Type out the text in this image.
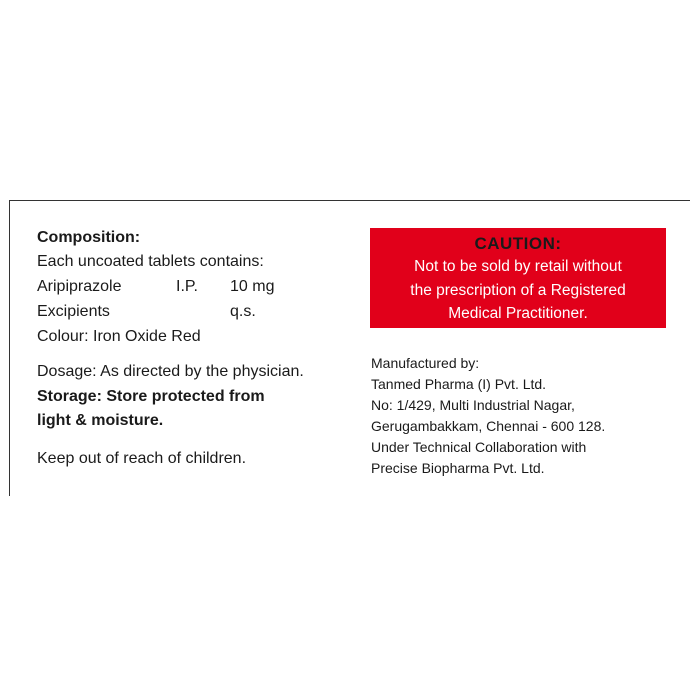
Composition:
Each uncoated tablets contains:
Aripiprazole	I.P. 10 mg
Excipients	q.s.
Colour: Iron Oxide Red
Dosage: As directed by the physician.
Storage: Store protected from
light & moisture.
Keep out of reach of children.
CAUTION:
Not to be sold by retail without
the prescription of a Registered
Medical Practitioner.
Manufactured by:
Tanmed Pharma (I) Pvt. Ltd.
No: 1/429, Multi Industrial Nagar,
Gerugambakkam, Chennai - 600 128.
Under Technical Collaboration with
Precise Biopharma Pvt. Ltd.
